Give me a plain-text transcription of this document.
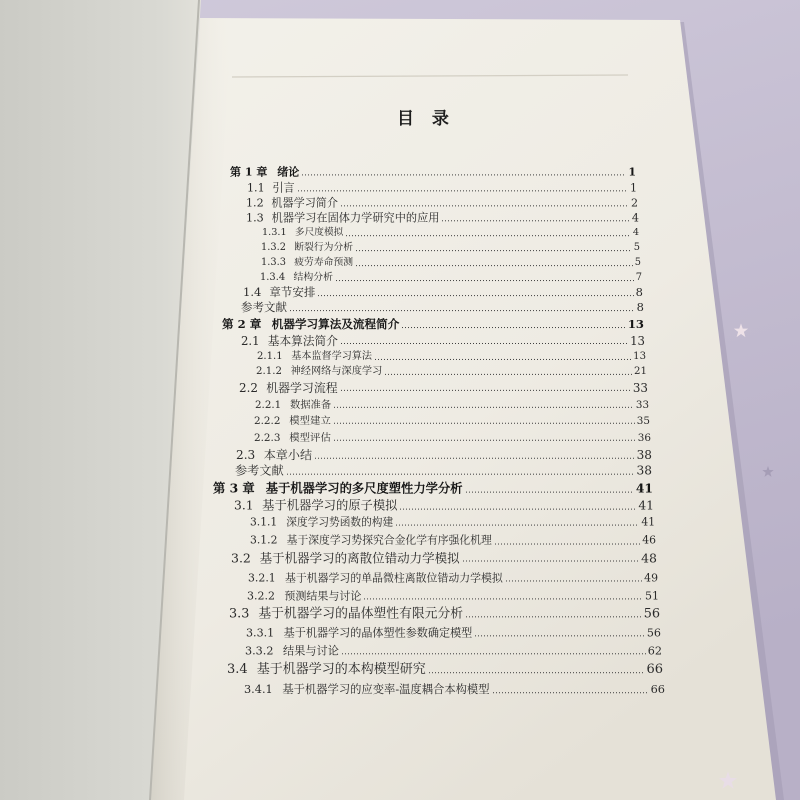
目 录
第 1 章 绪论	1
1.1 引言	1
1.2 机器学习简介	2
1.3 机器学习在固体力学研究中的应用	4
1.3.1 多尺度模拟	4
1.3.2 断裂行为分析	5
1.3.3 疲劳寿命预测	5
1.3.4 结构分析	7
1.4 章节安排	8
参考文献	8
第 2 章 机器学习算法及流程简介	13
2.1 基本算法简介	13
2.1.1 基本监督学习算法	13
2.1.2 神经网络与深度学习	21
2.2 机器学习流程	33
2.2.1 数据准备	33
2.2.2 模型建立	35
2.2.3 模型评估	36
2.3 本章小结	38
参考文献	38
第 3 章 基于机器学习的多尺度塑性力学分析	41
3.1 基于机器学习的原子模拟	41
3.1.1 深度学习势函数的构建	41
3.1.2 基于深度学习势探究合金化学有序强化机理	46
3.2 基于机器学习的离散位错动力学模拟	48
3.2.1 基于机器学习的单晶微柱离散位错动力学模拟	49
3.2.2 预测结果与讨论	51
3.3 基于机器学习的晶体塑性有限元分析	56
3.3.1 基于机器学习的晶体塑性参数确定模型	56
3.3.2 结果与讨论	62
3.4 基于机器学习的本构模型研究	66
3.4.1 基于机器学习的应变率-温度耦合本构模型	66
